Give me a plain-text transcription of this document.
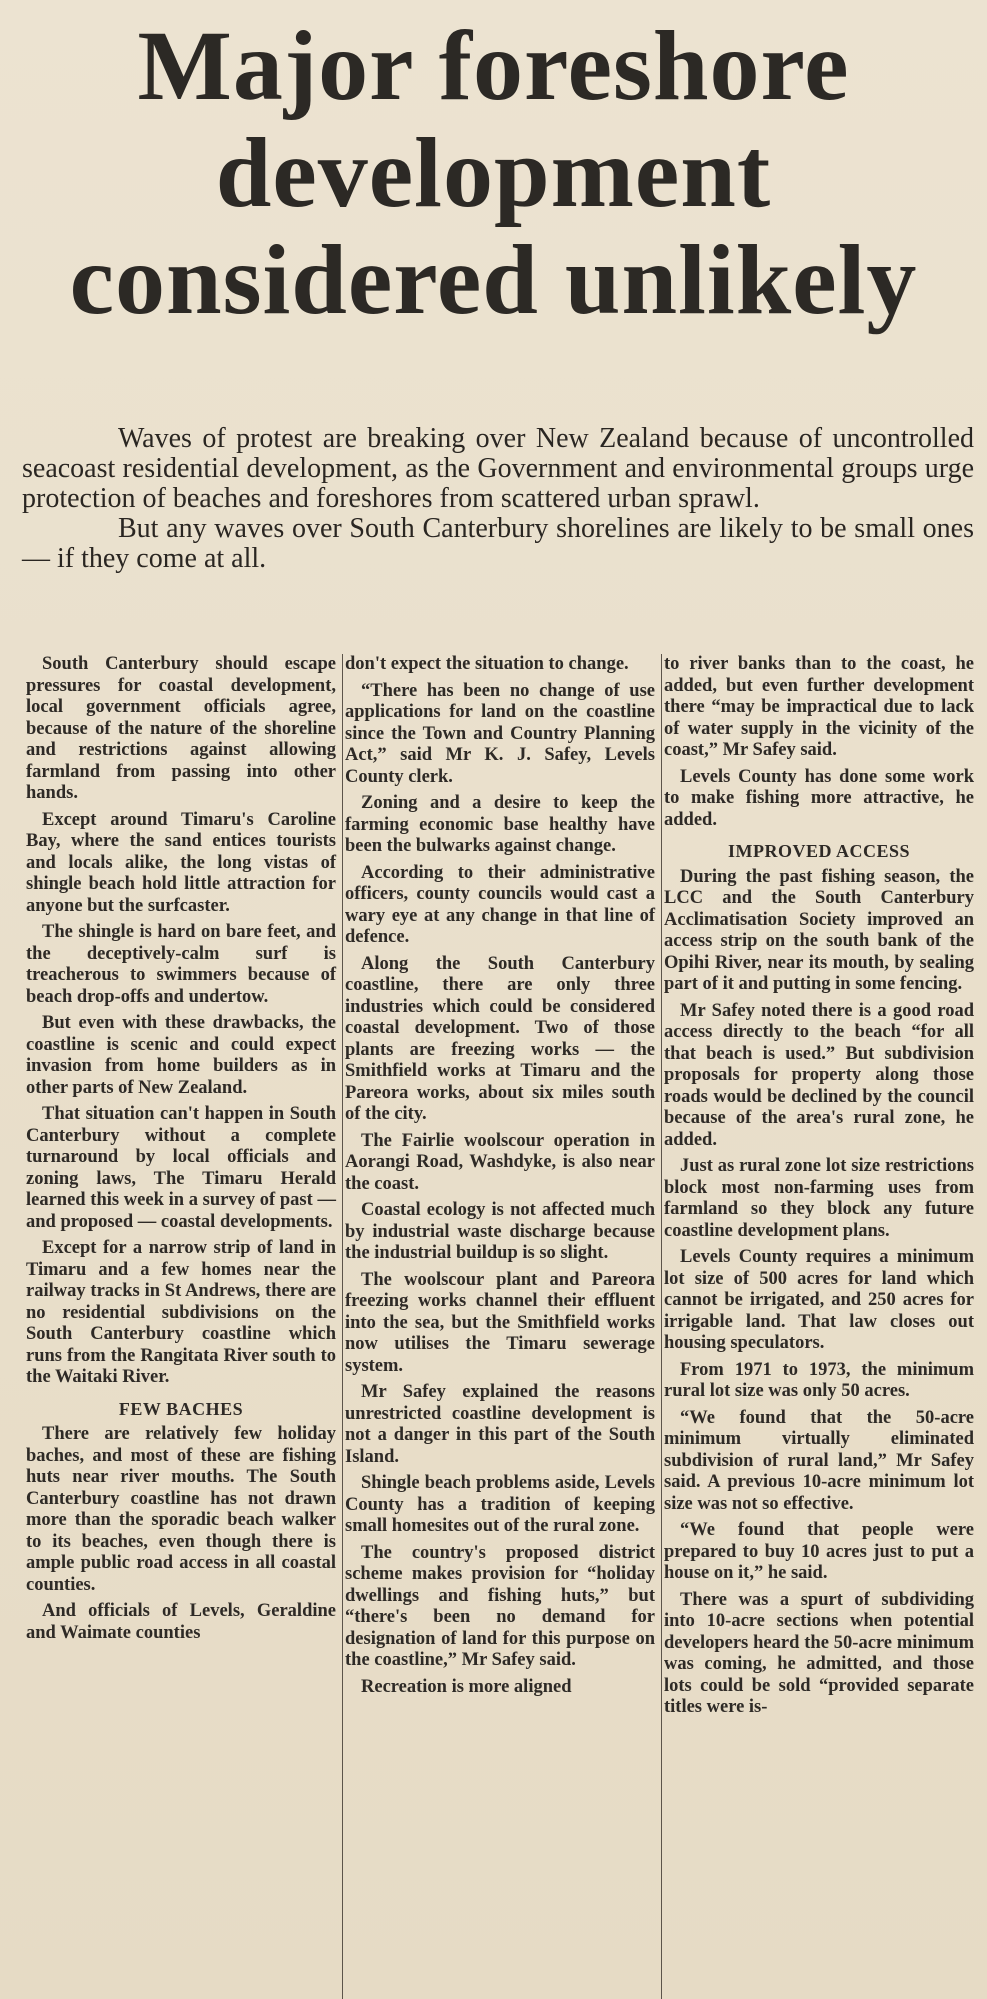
Major foreshore
development
considered unlikely

Waves of protest are breaking over New Zealand because of uncontrolled seacoast residential development, as the Government and environmental groups urge protection of beaches and foreshores from scattered urban sprawl.

But any waves over South Canterbury shorelines are likely to be small ones — if they come at all.

South Canterbury should escape pressures for coastal development, local government officials agree, because of the nature of the shoreline and restrictions against allowing farmland from passing into other hands.

Except around Timaru's Caroline Bay, where the sand entices tourists and locals alike, the long vistas of shingle beach hold little attraction for anyone but the surfcaster.

The shingle is hard on bare feet, and the deceptively-calm surf is treacherous to swimmers because of beach drop-offs and undertow.

But even with these drawbacks, the coastline is scenic and could expect invasion from home builders as in other parts of New Zealand.

That situation can't happen in South Canterbury without a complete turnaround by local officials and zoning laws, The Timaru Herald learned this week in a survey of past — and proposed — coastal developments.

Except for a narrow strip of land in Timaru and a few homes near the railway tracks in St Andrews, there are no residential subdivisions on the South Canterbury coastline which runs from the Rangitata River south to the Waitaki River.

FEW BACHES

There are relatively few holiday baches, and most of these are fishing huts near river mouths. The South Canterbury coastline has not drawn more than the sporadic beach walker to its beaches, even though there is ample public road access in all coastal counties.

And officials of Levels, Geraldine and Waimate counties

don't expect the situation to change.

“There has been no change of use applications for land on the coastline since the Town and Country Planning Act,” said Mr K. J. Safey, Levels County clerk.

Zoning and a desire to keep the farming economic base healthy have been the bulwarks against change.

According to their administrative officers, county councils would cast a wary eye at any change in that line of defence.

Along the South Canterbury coastline, there are only three industries which could be considered coastal development. Two of those plants are freezing works — the Smithfield works at Timaru and the Pareora works, about six miles south of the city.

The Fairlie woolscour operation in Aorangi Road, Washdyke, is also near the coast.

Coastal ecology is not affected much by industrial waste discharge because the industrial buildup is so slight.

The woolscour plant and Pareora freezing works channel their effluent into the sea, but the Smithfield works now utilises the Timaru sewerage system.

Mr Safey explained the reasons unrestricted coastline development is not a danger in this part of the South Island.

Shingle beach problems aside, Levels County has a tradition of keeping small homesites out of the rural zone.

The country's proposed district scheme makes provision for “holiday dwellings and fishing huts,” but “there's been no demand for designation of land for this purpose on the coastline,” Mr Safey said.

Recreation is more aligned

to river banks than to the coast, he added, but even further development there “may be impractical due to lack of water supply in the vicinity of the coast,” Mr Safey said.

Levels County has done some work to make fishing more attractive, he added.

IMPROVED ACCESS

During the past fishing season, the LCC and the South Canterbury Acclimatisation Society improved an access strip on the south bank of the Opihi River, near its mouth, by sealing part of it and putting in some fencing.

Mr Safey noted there is a good road access directly to the beach “for all that beach is used.” But subdivision proposals for property along those roads would be declined by the council because of the area's rural zone, he added.

Just as rural zone lot size restrictions block most non-farming uses from farmland so they block any future coastline development plans.

Levels County requires a minimum lot size of 500 acres for land which cannot be irrigated, and 250 acres for irrigable land. That law closes out housing speculators.

From 1971 to 1973, the minimum rural lot size was only 50 acres.

“We found that the 50-acre minimum virtually eliminated subdivision of rural land,” Mr Safey said. A previous 10-acre minimum lot size was not so effective.

“We found that people were prepared to buy 10 acres just to put a house on it,” he said.

There was a spurt of subdividing into 10-acre sections when potential developers heard the 50-acre minimum was coming, he admitted, and those lots could be sold “provided separate titles were is-
